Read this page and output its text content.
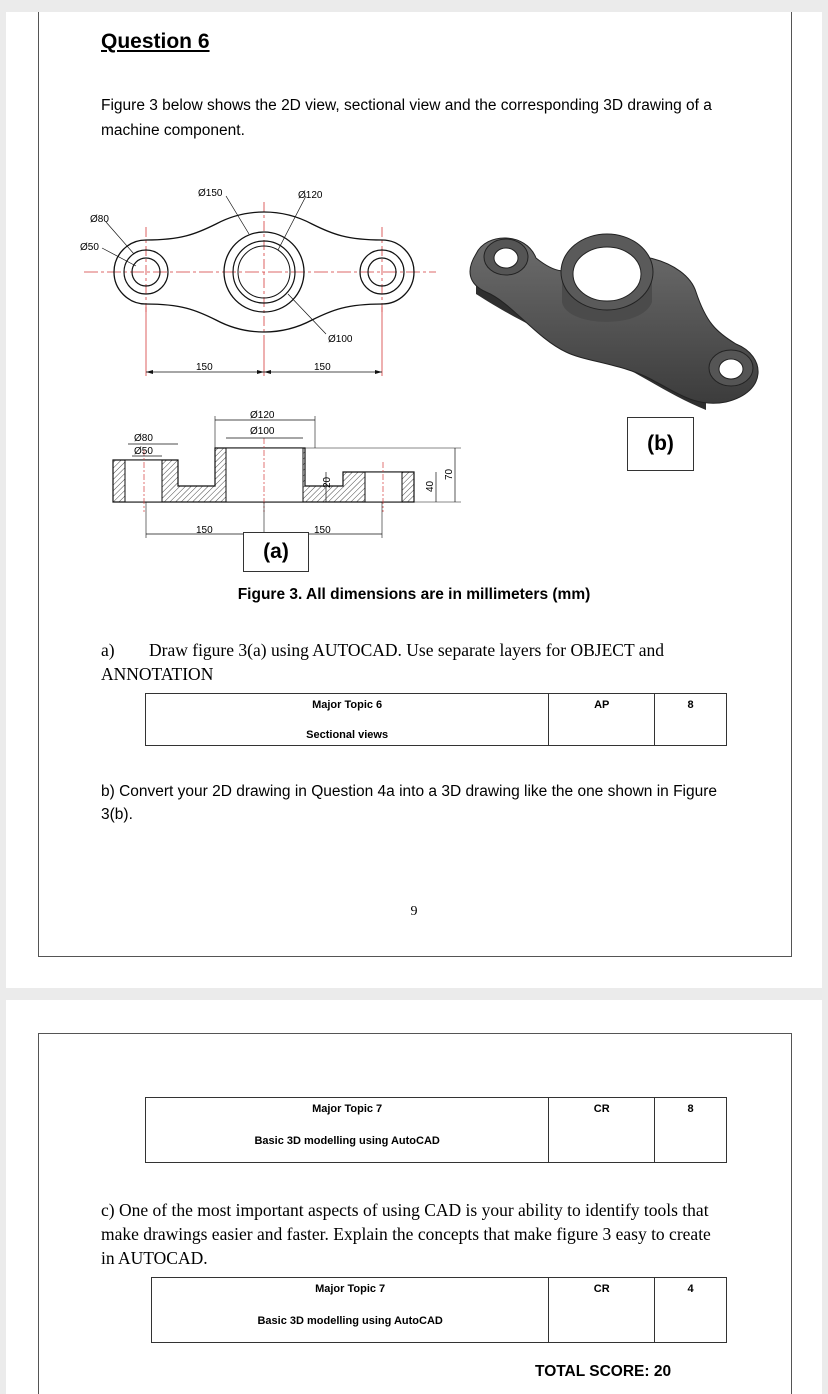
Question 6
Figure 3 below shows the 2D view, sectional view and the corresponding 3D drawing of a machine component.
Ø150	Ø120
Ø80
Ø50
Ø100
150	150
Ø120
Ø100
Ø80
Ø50
20	40
70
150	150
(a)
(b)
Figure 3. All dimensions are in millimeters (mm)
a) Draw figure 3(a) using AUTOCAD. Use separate layers for OBJECT and ANNOTATION
Major Topic 6
Sectional views
	AP	8
b) Convert your 2D drawing in Question 4a into a 3D drawing like the one shown in Figure 3(b).
9
Major Topic 7
Basic 3D modelling using AutoCAD
	CR	8
c) One of the most important aspects of using CAD is your ability to identify tools that make drawings easier and faster. Explain the concepts that make figure 3 easy to create in AUTOCAD.
Major Topic 7
Basic 3D modelling using AutoCAD
	CR	4
TOTAL SCORE: 20
